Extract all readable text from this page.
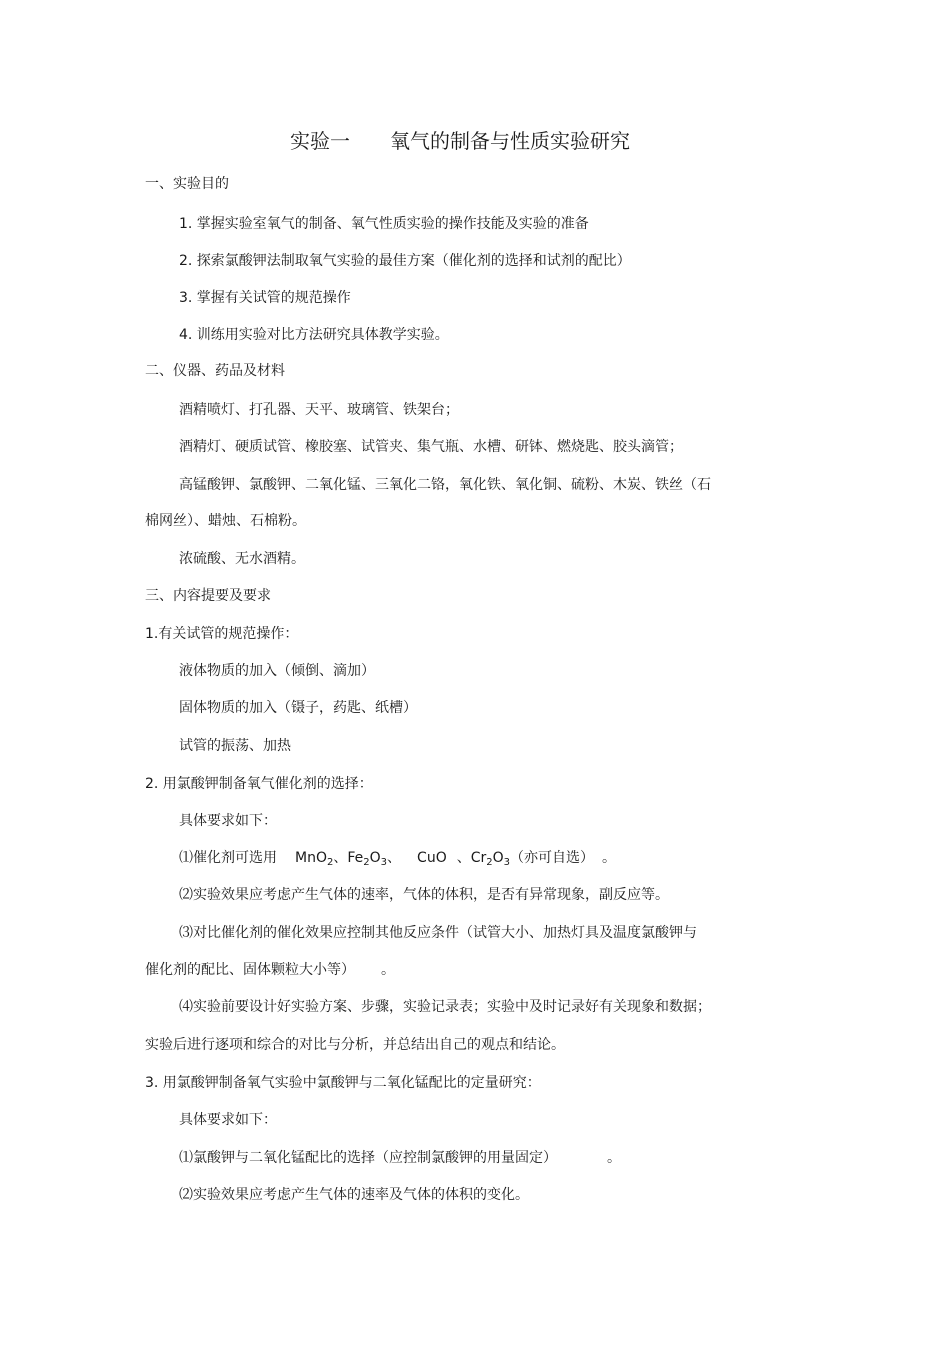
实验一 氧气的制备与性质实验研究
一、实验目的
1. 掌握实验室氧气的制备、氧气性质实验的操作技能及实验的准备
2. 探索氯酸钾法制取氧气实验的最佳方案（催化剂的选择和试剂的配比）
3. 掌握有关试管的规范操作
4. 训练用实验对比方法研究具体教学实验。
二、仪器、药品及材料
酒精喷灯、打孔器、天平、玻璃管、铁架台；
酒精灯、硬质试管、橡胶塞、试管夹、集气瓶、水槽、研钵、燃烧匙、胶头滴管；
高锰酸钾、氯酸钾、二氧化锰、三氧化二铬，氧化铁、氧化铜、硫粉、木炭、铁丝（石
棉网丝）、蜡烛、石棉粉。
浓硫酸、无水酒精。
三、内容提要及要求
1.有关试管的规范操作：
液体物质的加入（倾倒、滴加）
固体物质的加入（镊子，药匙、纸槽）
试管的振荡、加热
2. 用氯酸钾制备氧气催化剂的选择：
具体要求如下：
⑴催化剂可选用 MnO$_2$、$Fe_2O_3$、 CuO 、$Cr_2O_3$（亦可自选） 。
⑵实验效果应考虑产生气体的速率，气体的体积，是否有异常现象，副反应等。
⑶对比催化剂的催化效果应控制其他反应条件（试管大小、加热灯具及温度氯酸钾与
催化剂的配比、固体颗粒大小等） 。
⑷实验前要设计好实验方案、步骤，实验记录表；实验中及时记录好有关现象和数据；
实验后进行逐项和综合的对比与分析，并总结出自己的观点和结论。
3. 用氯酸钾制备氧气实验中氯酸钾与二氧化锰配比的定量研究：
具体要求如下：
⑴氯酸钾与二氧化锰配比的选择（应控制氯酸钾的用量固定）	。
⑵实验效果应考虑产生气体的速率及气体的体积的变化。
